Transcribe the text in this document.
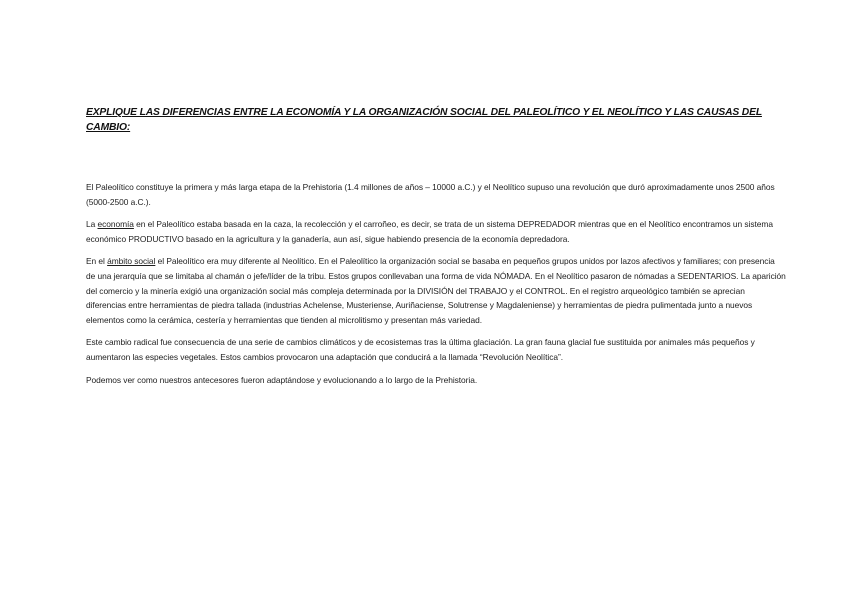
EXPLIQUE LAS DIFERENCIAS ENTRE LA ECONOMÍA Y LA ORGANIZACIÓN SOCIAL DEL PALEOLÍTICO Y EL NEOLÍTICO Y LAS CAUSAS DEL CAMBIO:

El Paleolítico constituye la primera y más larga etapa de la Prehistoria (1.4 millones de años – 10000 a.C.) y el Neolítico supuso una revolución que duró aproximadamente unos 2500 años (5000-2500 a.C.).

La economía en el Paleolítico estaba basada en la caza, la recolección y el carroñeo, es decir, se trata de un sistema DEPREDADOR mientras que en el Neolítico encontramos un sistema económico PRODUCTIVO basado en la agricultura y la ganadería, aun así, sigue habiendo presencia de la economía depredadora.

En el ámbito social el Paleolítico era muy diferente al Neolítico. En el Paleolítico la organización social se basaba en pequeños grupos unidos por lazos afectivos y familiares; con presencia de una jerarquía que se limitaba al chamán o jefe/líder de la tribu. Estos grupos conllevaban una forma de vida NÓMADA. En el Neolítico pasaron de nómadas a SEDENTARIOS. La aparición del comercio y la minería exigió una organización social más compleja determinada por la DIVISIÓN del TRABAJO y el CONTROL. En el registro arqueológico también se aprecian diferencias entre herramientas de piedra tallada (industrias Achelense, Musteriense, Auriñaciense, Solutrense y Magdaleniense) y herramientas de piedra pulimentada junto a nuevos elementos como la cerámica, cestería y herramientas que tienden al microlitismo y presentan más variedad.

Este cambio radical fue consecuencia de una serie de cambios climáticos y de ecosistemas tras la última glaciación. La gran fauna glacial fue sustituida por animales más pequeños y aumentaron las especies vegetales. Estos cambios provocaron una adaptación que conducirá a la llamada “Revolución Neolítica”.

Podemos ver como nuestros antecesores fueron adaptándose y evolucionando a lo largo de la Prehistoria.
